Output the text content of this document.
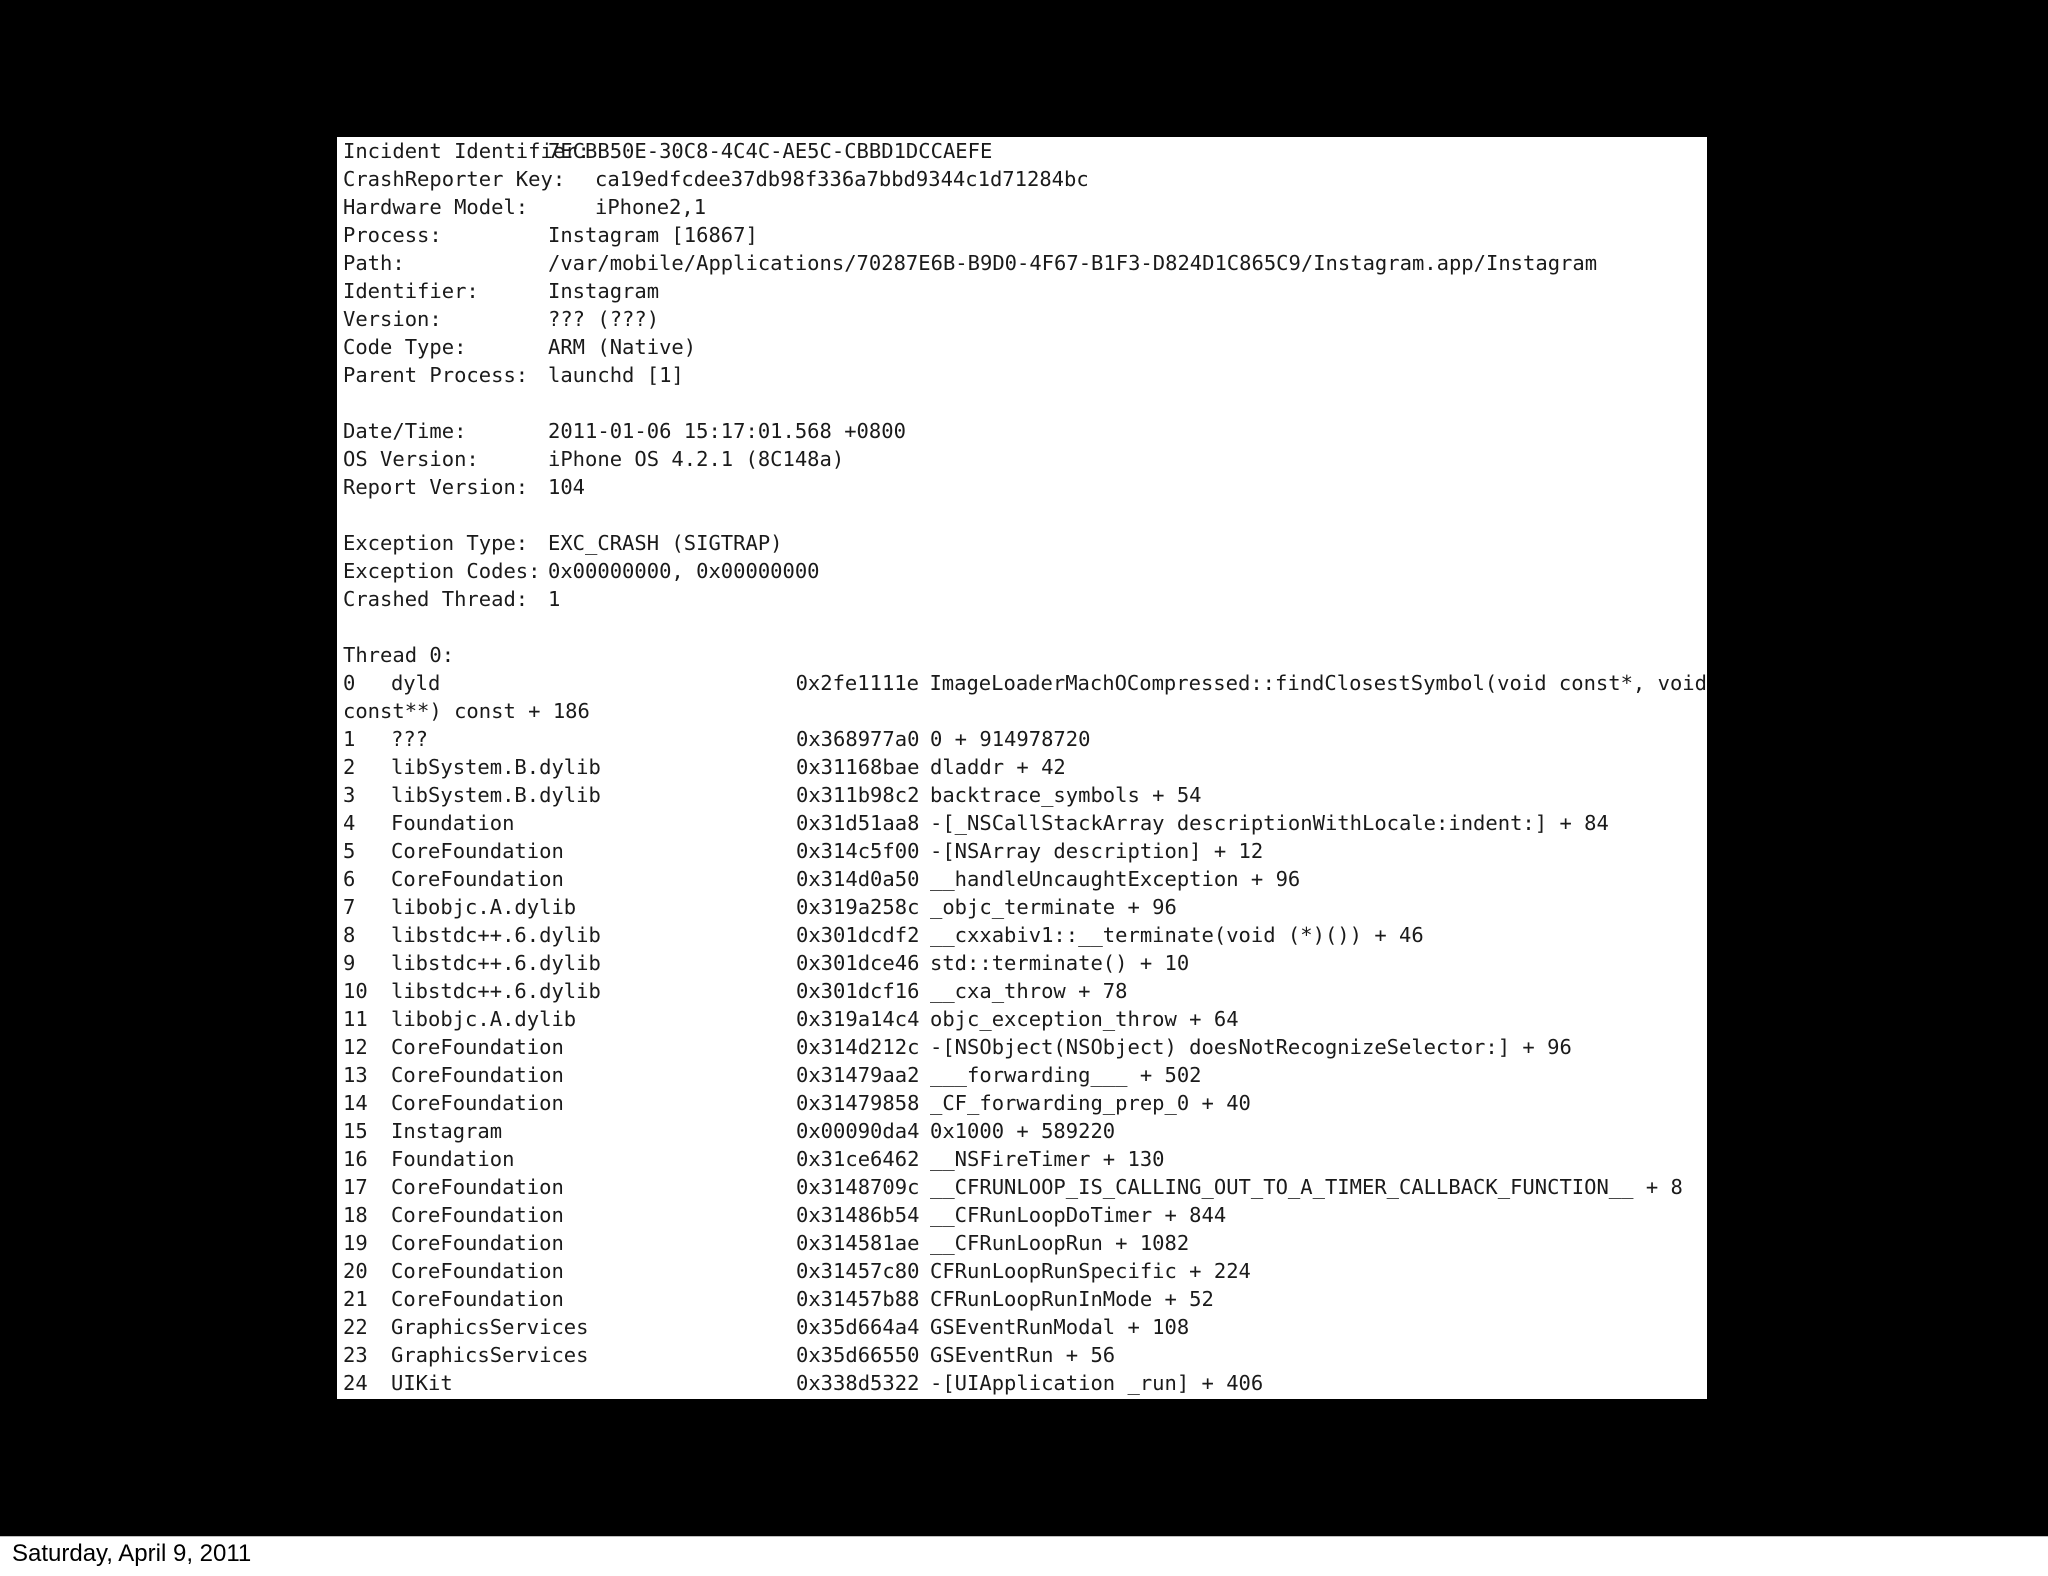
Incident Identifier:
7ECBB50E-30C8-4C4C-AE5C-CBBD1DCCAEFE
CrashReporter Key:	ca19edfcdee37db98f336a7bbd9344c1d71284bc
Hardware Model:	iPhone2,1
Process:	Instagram [16867]
Path:	/var/mobile/Applications/70287E6B-B9D0-4F67-B1F3-D824D1C865C9/Instagram.app/Instagram
Identifier:	Instagram
Version:	??? (???)
Code Type:	ARM (Native)
Parent Process: launchd [1]
Date/Time:	2011-01-06 15:17:01.568 +0800
OS Version:	iPhone OS 4.2.1 (8C148a)
Report Version: 104
Exception Type: EXC_CRASH (SIGTRAP)
Exception Codes: 0x00000000, 0x00000000
Crashed Thread: 1
Thread 0:
0	dyld	0x2fe1111e ImageLoaderMachOCompressed::findClosestSymbol(void const*, void
const**) const + 186
1	???	0x368977a0 0 + 914978720
2	libSystem.B.dylib	0x31168bae dladdr + 42
3	libSystem.B.dylib	0x311b98c2 backtrace_symbols + 54
4	Foundation	0x31d51aa8 -[_NSCallStackArray descriptionWithLocale:indent:] + 84
5	CoreFoundation	0x314c5f00 -[NSArray description] + 12
6	CoreFoundation	0x314d0a50 __handleUncaughtException + 96
7	libobjc.A.dylib	0x319a258c _objc_terminate + 96
8	libstdc++.6.dylib	0x301dcdf2 __cxxabiv1::__terminate(void (*)()) + 46
9	libstdc++.6.dylib	0x301dce46 std::terminate() + 10
10	libstdc++.6.dylib	0x301dcf16 __cxa_throw + 78
11	libobjc.A.dylib	0x319a14c4 objc_exception_throw + 64
12	CoreFoundation	0x314d212c -[NSObject(NSObject) doesNotRecognizeSelector:] + 96
13	CoreFoundation	0x31479aa2 ___forwarding___ + 502
14	CoreFoundation	0x31479858 _CF_forwarding_prep_0 + 40
15	Instagram	0x00090da4 0x1000 + 589220
16	Foundation	0x31ce6462 __NSFireTimer + 130
17	CoreFoundation	0x3148709c __CFRUNLOOP_IS_CALLING_OUT_TO_A_TIMER_CALLBACK_FUNCTION__ + 8
18	CoreFoundation	0x31486b54 __CFRunLoopDoTimer + 844
19	CoreFoundation	0x314581ae __CFRunLoopRun + 1082
20	CoreFoundation	0x31457c80 CFRunLoopRunSpecific + 224
21	CoreFoundation	0x31457b88 CFRunLoopRunInMode + 52
22	GraphicsServices	0x35d664a4 GSEventRunModal + 108
23	GraphicsServices	0x35d66550 GSEventRun + 56
24	UIKit	0x338d5322 -[UIApplication _run] + 406
Saturday, April 9, 2011
